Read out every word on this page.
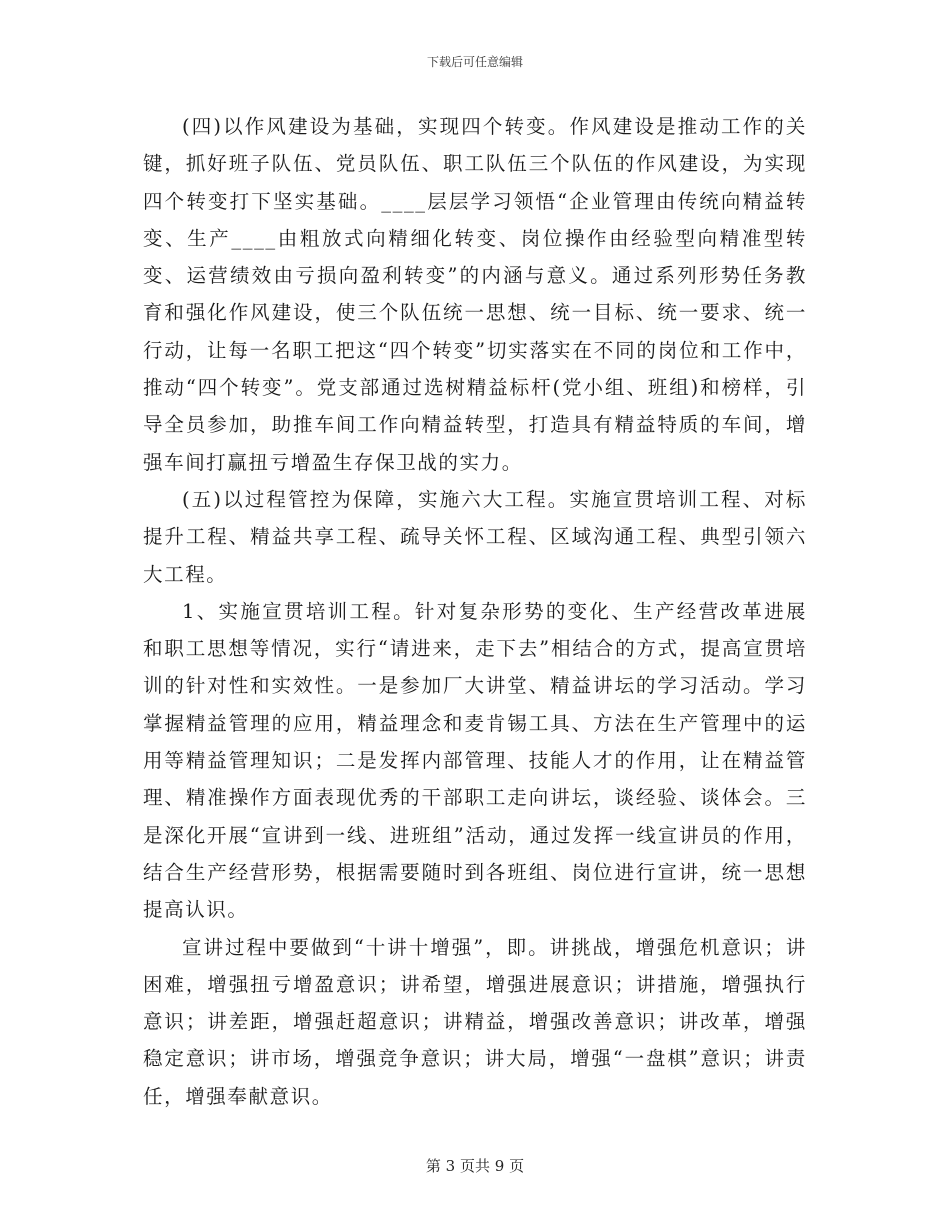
下载后可任意编辑

(四)以作风建设为基础，实现四个转变。作风建设是推动工作的关键，抓好班子队伍、党员队伍、职工队伍三个队伍的作风建设，为实现四个转变打下坚实基础。____层层学习领悟“企业管理由传统向精益转变、生产____由粗放式向精细化转变、岗位操作由经验型向精准型转变、运营绩效由亏损向盈利转变”的内涵与意义。通过系列形势任务教育和强化作风建设，使三个队伍统一思想、统一目标、统一要求、统一行动，让每一名职工把这“四个转变”切实落实在不同的岗位和工作中，推动“四个转变”。党支部通过选树精益标杆(党小组、班组)和榜样，引导全员参加，助推车间工作向精益转型，打造具有精益特质的车间，增强车间打赢扭亏增盈生存保卫战的实力。

(五)以过程管控为保障，实施六大工程。实施宣贯培训工程、对标提升工程、精益共享工程、疏导关怀工程、区域沟通工程、典型引领六大工程。

1、实施宣贯培训工程。针对复杂形势的变化、生产经营改革进展和职工思想等情况，实行“请进来，走下去”相结合的方式，提高宣贯培训的针对性和实效性。一是参加厂大讲堂、精益讲坛的学习活动。学习掌握精益管理的应用，精益理念和麦肯锡工具、方法在生产管理中的运用等精益管理知识；二是发挥内部管理、技能人才的作用，让在精益管理、精准操作方面表现优秀的干部职工走向讲坛，谈经验、谈体会。三是深化开展“宣讲到一线、进班组”活动，通过发挥一线宣讲员的作用，结合生产经营形势，根据需要随时到各班组、岗位进行宣讲，统一思想提高认识。

宣讲过程中要做到“十讲十增强”，即。讲挑战，增强危机意识；讲困难，增强扭亏增盈意识；讲希望，增强进展意识；讲措施，增强执行意识；讲差距，增强赶超意识；讲精益，增强改善意识；讲改革，增强稳定意识；讲市场，增强竞争意识；讲大局，增强“一盘棋”意识；讲责任，增强奉献意识。

第 3 页共 9 页
